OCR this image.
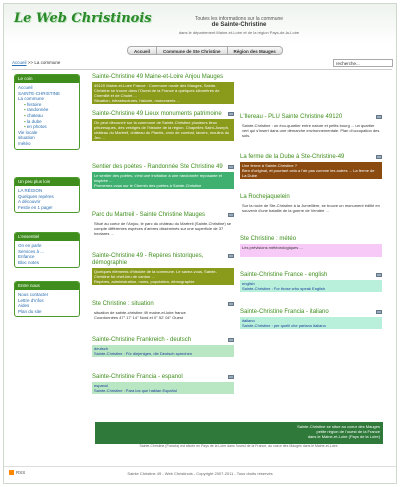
Le Web Christinois	Toutes les informations sur la commune
de Sainte-Christine
dans le département Maine-et-Loire et de la région Pays-de-la-Loire
Accueil	Commune de Ste Christine	Région des Mauges
Accueil >> La commune	recherche...
Le coin
Accueil
SAINTE-CHRISTINE
La commune
▪ histoire
▪ randonnée
▪ chateau
▪ la dube
▪ en photos
Vie locale
situation
météo
Un peu plus loin
LA RÉGION
Quelques repères
A découvrir
Festiv en 1 page!
L'essentiel
On en parle
Services à ...
Enfance
Bloc notes
Entre nous
Nous contacter
Lettre d'infos
Aides
Plan du site
Sainte-Christine 49 Maine-et-Loire Anjou Mauges
49120 Maine-et-Loire France : Commune rurale des Mauges, Sainte-Christine se trouve dans l'Ouest de la France à quelques kilomètres de Chemillé et de Cholet ...
Situation, infrastructures, histoire, monuments ...
Sainte-Christine 49 Lieux monuments patrimoine
On peut découvrir sur la commune de Sainte-Christine plusieurs lieux pittoresques, des vestiges de l'histoire de la région. Chapelles Saint-Joseph, château du Martreil, château du Plantis, croix de combat, lavoirs, moulins du Jeu ...
Sentier des poètes - Randonnée Ste Christine 49
Le sentier des poètes, c'est une invitation à une randonnée reposante et inspirée ...
Promenez-vous sur le Chemin des poètes à Sainte-Christine
Parc du Martreil - Sainte Christine Mauges
Situé au coeur de l'Anjou, le parc du château du Martreil (Sainte-Christine) se compte différentes espèces d'arbres disséminés sur une superficie de 37 hectares ...
Sainte-Christine 49 - Repères historiques, démographie
Quelques éléments d'histoire de la commune. Le savez-vous, Sainte-Christine fut chef-lieu de canton ...
Repères, administration, noms, population, démographie
Ste Christine : situation
situation de sainte-christine 49 maine-et-loire france
Coordonnées 47° 17' 14'' Nord et 0° 52' 04'' Ouest
Sainte-Christine Frankreich - deutsch
deutsch
Sainte-Christine : Für diejenigen, die Deutsch sprechen
Sainte-Christine Francia - espanol
espanol
Sainte-Christine : Para los que hablan Español
L'Ilereau - PLU Sainte Christine 49120
Sainte-Christine : un éco-quartier entre nature et petits bourg ... un quartier vert qui s'insert dans une démarche environnementale. Plan d'occupation des sols.
La ferme de la Dube à Ste-Christine-49
Une ferme à Sainte-Christine ?
Bien d'original, et pourtant cela a l'air pas comme les autres ... La ferme de La Dube
La Rochejaquelein
Sur la route de Ste-Christine à la Jumellière, se trouve un monument édifié en souvenir d'une bataille de la guerre de Vendée ...
Ste Christine : météo
Les prévisions météorologiques ...
Sainte-Christine France - english
english
Sainte-Christine : For those who speak English
Sainte-Christine Francia - italiano
italiano
Sainte-Christine : per quelli che parlano italiano
Sainte-Christine se situe au coeur des Mauges
petite région de l'ouest de la France
dans le Maine-et-Loire (Pays de la Loire)
Sainte-Christine (Francia) est située en Pays de la Loire dans l'ouest de la France, au coeur des Mauges dans le Maine-et-Loire.
RSS	Sainte Christine 49 - Web Christinois - Copyright 2007-2011 - Tous droits réservés
